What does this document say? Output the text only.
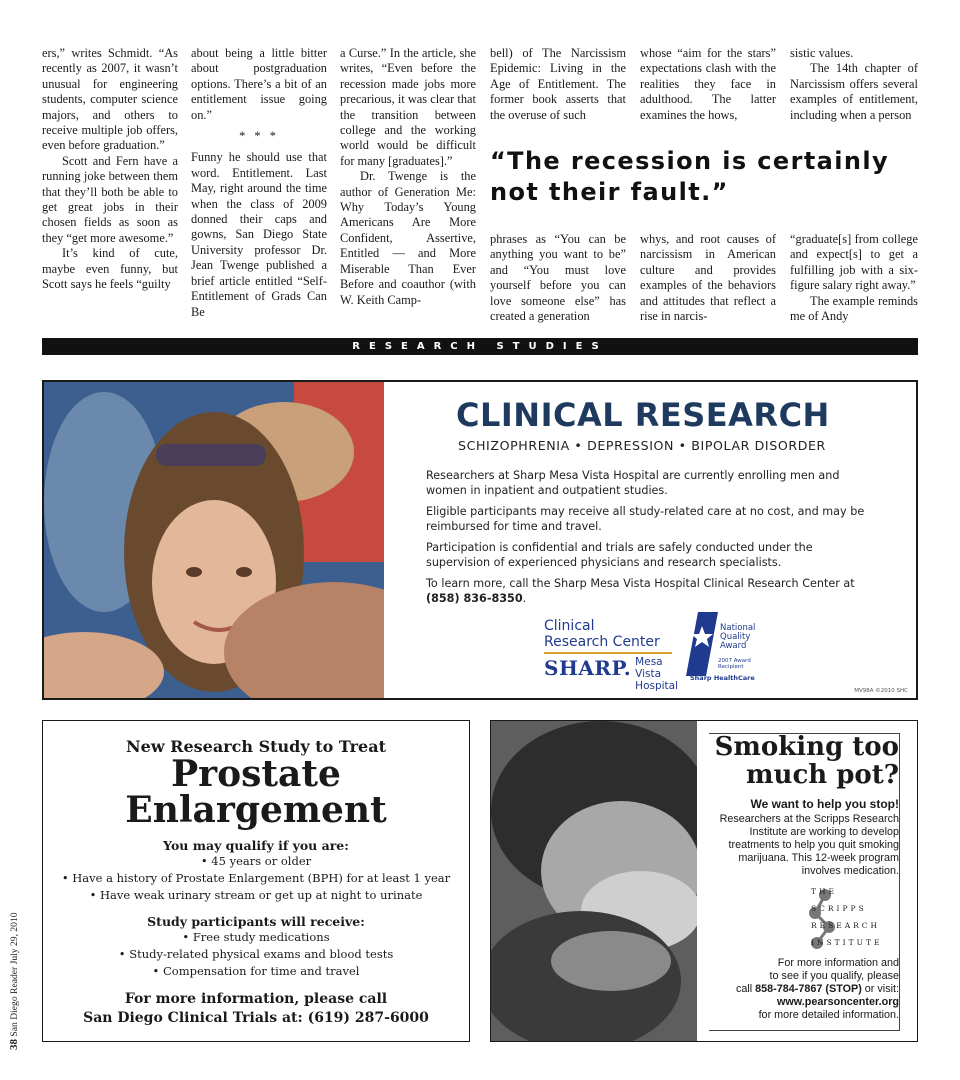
ers,” writes Schmidt. “As recently as 2007, it wasn’t unusual for engineering students, computer science majors, and others to receive multiple job offers, even before graduation.”

Scott and Fern have a running joke between them that they’ll both be able to get great jobs in their chosen fields as soon as they “get more awesome.”

It’s kind of cute, maybe even funny, but Scott says he feels “guilty

about being a little bitter about postgraduation options. There’s a bit of an entitlement issue going on.”

* * *

Funny he should use that word. Entitlement. Last May, right around the time when the class of 2009 donned their caps and gowns, San Diego State University professor Dr. Jean Twenge published a brief article entitled “Self-Entitlement of Grads Can Be

a Curse.” In the article, she writes, “Even before the recession made jobs more precarious, it was clear that the transition between college and the working world would be difficult for many [graduates].”

Dr. Twenge is the author of Generation Me: Why Today’s Young Americans Are More Confident, Assertive, Entitled — and More Miserable Than Ever Before and coauthor (with W. Keith Camp-

bell) of The Narcissism Epidemic: Living in the Age of Entitlement. The former book asserts that the overuse of such

whose “aim for the stars” expectations clash with the realities they face in adulthood. The latter examines the hows,

sistic values.

The 14th chapter of Narcissism offers several examples of entitlement, including when a person

“The recession is certainly not their fault.”

phrases as “You can be anything you want to be” and “You must love yourself before you can love someone else” has created a generation

whys, and root causes of narcissism in American culture and provides examples of the behaviors and attitudes that reflect a rise in narcis-

“graduate[s] from college and expect[s] to get a fulfilling job with a six-figure salary right away.”

The example reminds me of Andy

RESEARCH STUDIES
CLINICAL RESEARCH
SCHIZOPHRENIA • DEPRESSION • BIPOLAR DISORDER

Researchers at Sharp Mesa Vista Hospital are currently enrolling men and women in inpatient and outpatient studies.

Eligible participants may receive all study-related care at no cost, and may be reimbursed for time and travel.

Participation is confidential and trials are safely conducted under the supervision of experienced physicians and research specialists.

To learn more, call the Sharp Mesa Vista Hospital Clinical Research Center at (858) 836-8350.

Clinical
Research Center
SHARP. Mesa Vista
Hospital
National Quality Award
2007 Award Recipient
Sharp HealthCare
MV98A ©2010 SHC
New Research Study to Treat
Prostate
Enlargement
You may qualify if you are:
• 45 years or older
• Have a history of Prostate Enlargement (BPH) for at least 1 year
• Have weak urinary stream or get up at night to urinate
Study participants will receive:
• Free study medications
• Study-related physical exams and blood tests
• Compensation for time and travel
For more information, please call
San Diego Clinical Trials at: (619) 287-6000
38 San Diego Reader July 29, 2010
Smoking too
much pot?
We want to help you stop!
Researchers at the Scripps Research Institute are working to develop treatments to help you quit smoking marijuana. This 12-week program involves medication.
THE
SCRIPPS
RESEARCH
INSTITUTE
For more information and
to see if you qualify, please
call 858-784-7867 (STOP) or visit:
www.pearsoncenter.org
for more detailed information.
